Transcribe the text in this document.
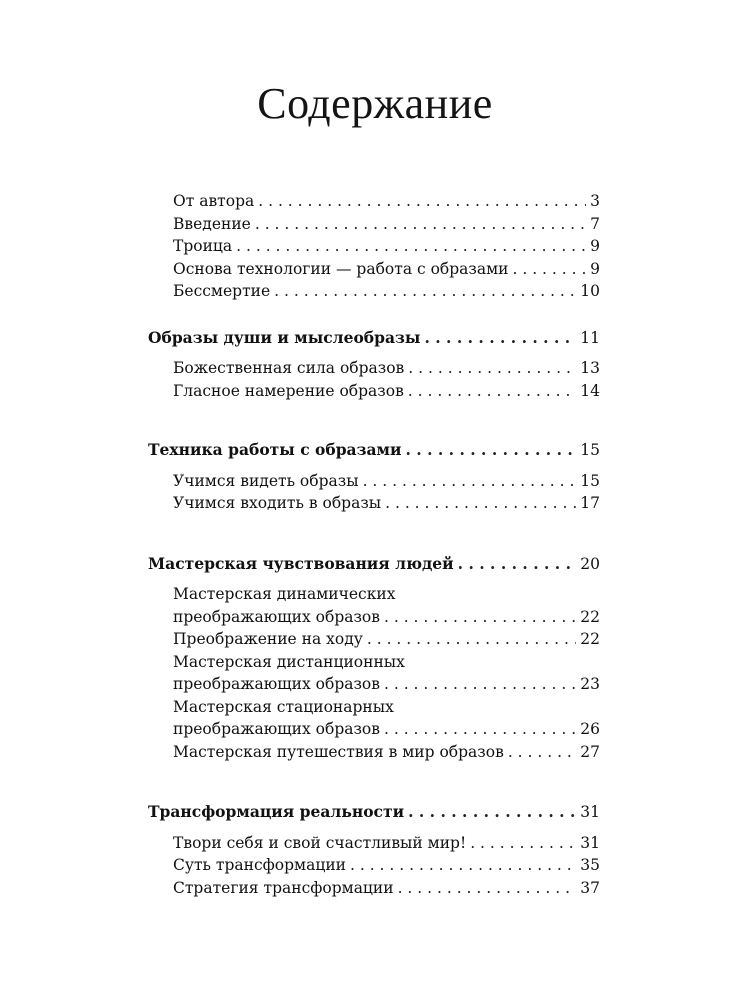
Содержание
От автора . . .	3
Введение . . .	7
Троица . . .	9
Основа технологии — работа с образами . . .	9
Бессмертие . . .	10
Образы души и мыслеобразы . . .	11
Божественная сила образов . . .	13
Гласное намерение образов . . .	14
Техника работы с образами . . .	15
Учимся видеть образы . . .	15
Учимся входить в образы . . .	17
Мастерская чувствования людей . . .	20
Мастерская динамических
преображающих образов . . .	22
Преображение на ходу . . .	22
Мастерская дистанционных
преображающих образов . . .	23
Мастерская стационарных
преображающих образов . . .	26
Мастерская путешествия в мир образов . . .	27
Трансформация реальности . . .	31
Твори себя и свой счастливый мир! . . .	31
Суть трансформации . . .	35
Стратегия трансформации . . .	37
